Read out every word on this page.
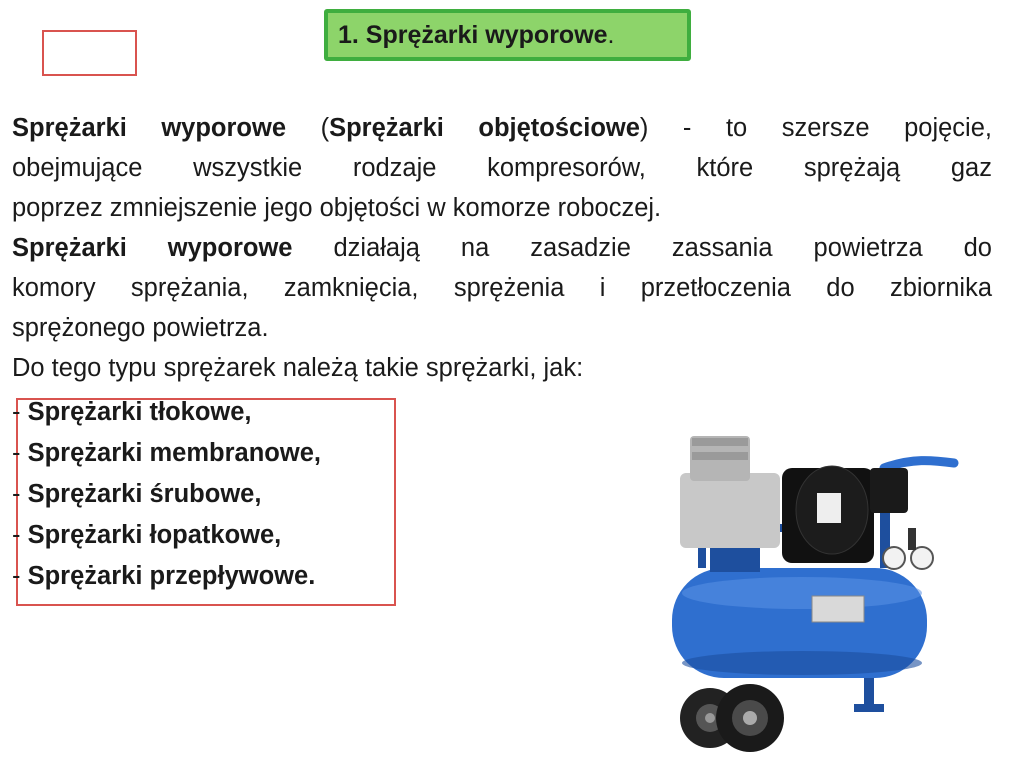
1. Sprężarki wyporowe .
Sprężarki wyporowe (Sprężarki objętościowe) - to szersze pojęcie,
obejmujące wszystkie rodzaje kompresorów, które sprężają gaz
poprzez zmniejszenie jego objętości w komorze roboczej.
Sprężarki wyporowe działają na zasadzie zassania powietrza do
komory sprężania, zamknięcia, sprężenia i przetłoczenia do zbiornika
sprężonego powietrza.
Do tego typu sprężarek należą takie sprężarki, jak:
- Sprężarki tłokowe,
- Sprężarki membranowe,
- Sprężarki śrubowe,
- Sprężarki łopatkowe,
- Sprężarki przepływowe.
